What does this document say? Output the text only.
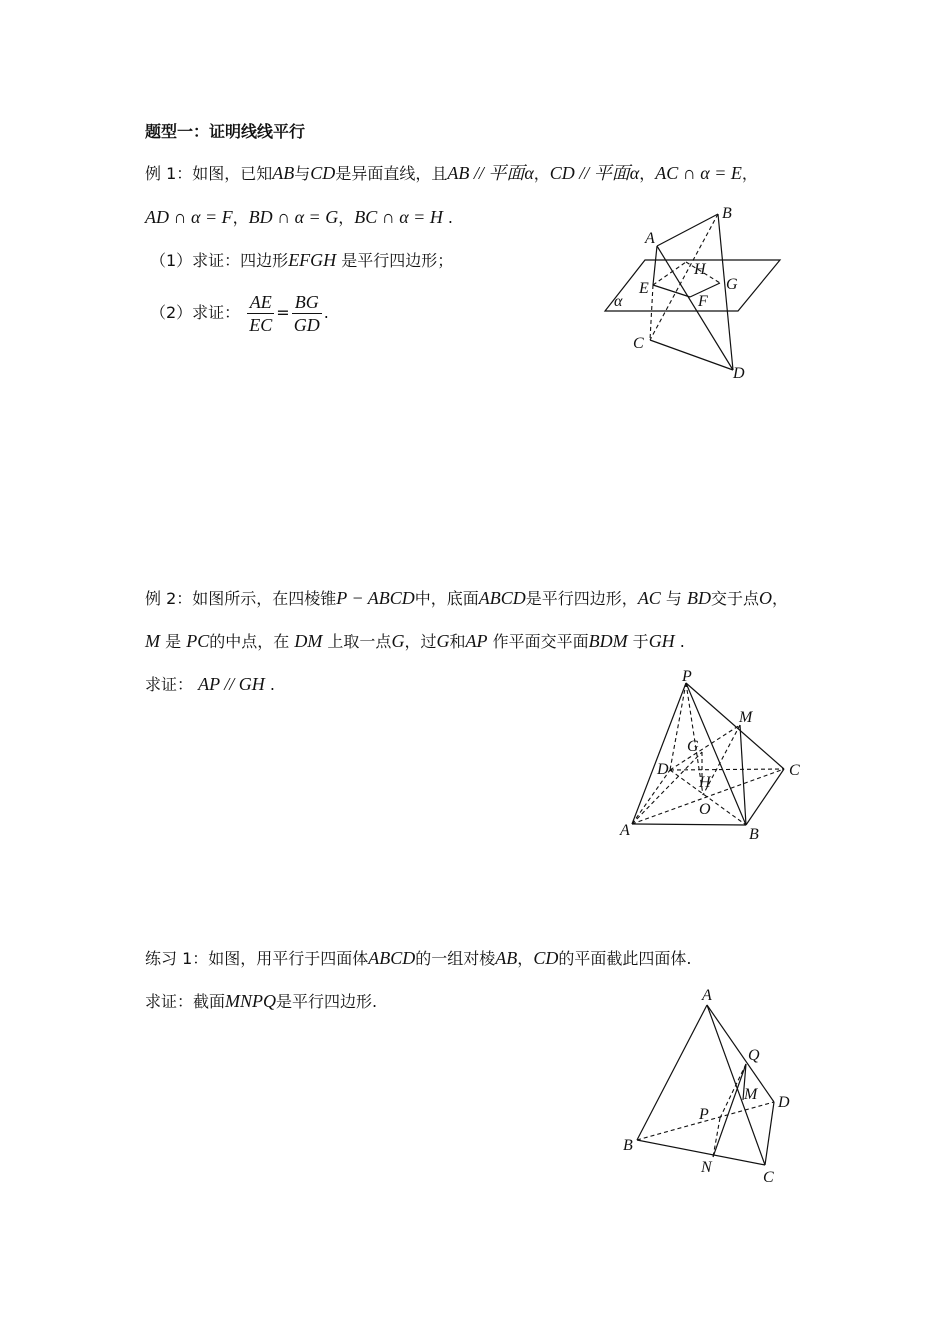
题型一：证明线线平行
例 1：如图，已知AB与CD是异面直线，且AB // 平面α，CD // 平面α，AC ∩ α = E，
AD ∩ α = F，BD ∩ α = G，BC ∩ α = H .
（1）求证：四边形EFGH 是平行四边形；
（2）求证： $\frac{AE}{EC} = \frac{BG}{GD}$ .
A
B
H
G
E
F
α
C
D
例 2：如图所示，在四棱锥P − ABCD中，底面ABCD是平行四边形，AC 与 BD交于点O，
M 是 PC的中点，在 DM 上取一点G，过G和AP 作平面交平面BDM 于GH .
求证： AP // GH .	P
M
G
D
H
C
O
A	B
练习 1：如图，用平行于四面体ABCD的一组对棱AB，CD的平面截此四面体.
求证：截面MNPQ是平行四边形.	A
Q
M D
P
B
N
C
